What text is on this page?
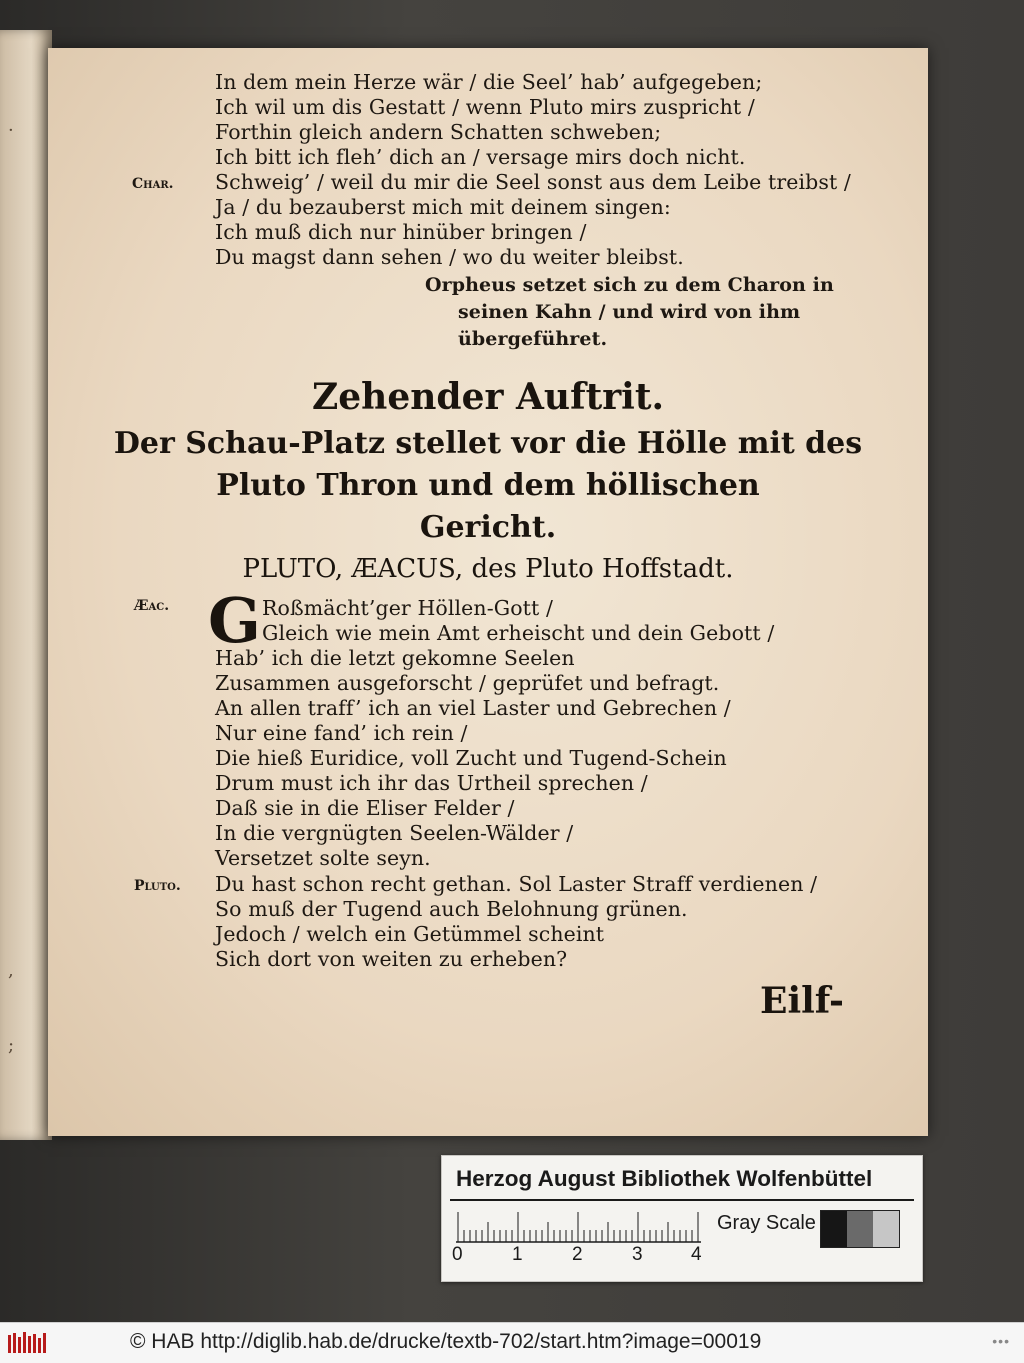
·
,
;
In dem mein Herze wär / die Seel’ hab’ aufgegeben;
Ich wil um dis Gestatt / wenn Pluto mirs zuspricht /
Forthin gleich andern Schatten schweben;
Ich bitt ich fleh’ dich an / versage mirs doch nicht.
Char. Schweig’ / weil du mir die Seel sonst aus dem Leibe treibst /
Ja / du bezauberst mich mit deinem singen:
Ich muß dich nur hinüber bringen /
Du magst dann sehen / wo du weiter bleibst.
Orpheus setzet sich zu dem Charon in
seinen Kahn / und wird von ihm
übergeführet.
Zehender Auftrit.
Der Schau-Platz stellet vor die Hölle mit des
Pluto Thron und dem höllischen
Gericht.
PLUTO, ÆACUS, des Pluto Hoffstadt.
Æac. G Roßmächt’ger Höllen-Gott /
Gleich wie mein Amt erheischt und dein Gebott /
Hab’ ich die letzt gekomne Seelen
Zusammen ausgeforscht / geprüfet und befragt.
An allen traff’ ich an viel Laster und Gebrechen /
Nur eine fand’ ich rein /
Die hieß Euridice, voll Zucht und Tugend-Schein
Drum must ich ihr das Urtheil sprechen /
Daß sie in die Eliser Felder /
In die vergnügten Seelen-Wälder /
Versetzet solte seyn.
Pluto. Du hast schon recht gethan. Sol Laster Straff verdienen /
So muß der Tugend auch Belohnung grünen.
Jedoch / welch ein Getümmel scheint
Sich dort von weiten zu erheben?
Eilf-
Herzog August Bibliothek Wolfenbüttel
0	1	2	3	4
Gray Scale
© HAB http://diglib.hab.de/drucke/textb-702/start.htm?image=00019	•••
